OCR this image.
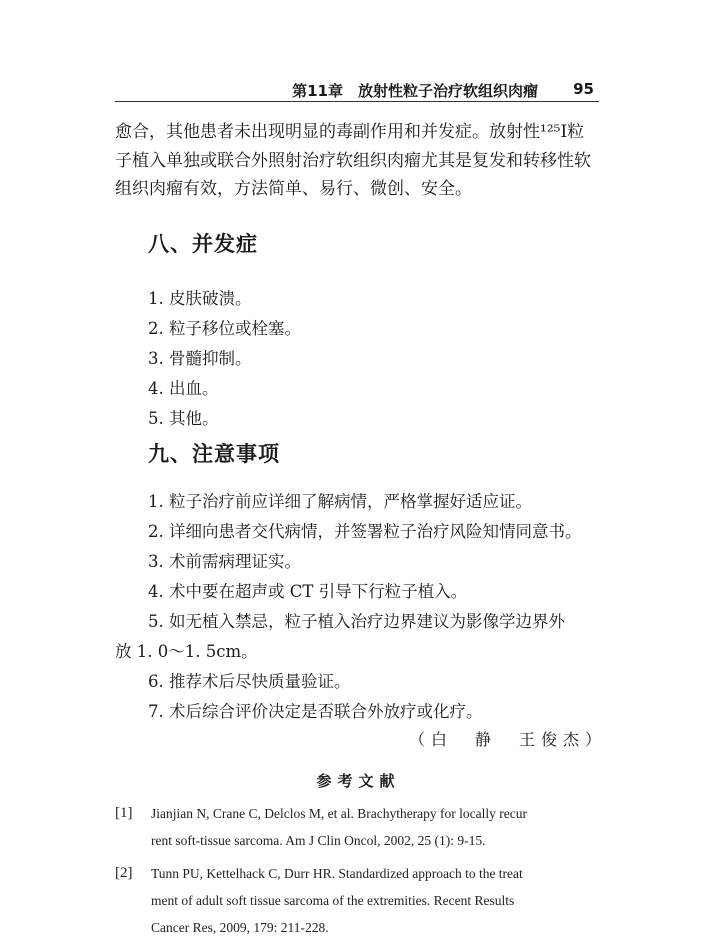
第11章　放射性粒子治疗软组织肉瘤 95
愈合，其他患者未出现明显的毒副作用和并发症。放射性¹²⁵I粒
子植入单独或联合外照射治疗软组织肉瘤尤其是复发和转移性软
组织肉瘤有效，方法简单、易行、微创、安全。
八、并发症
1. 皮肤破溃。
2. 粒子移位或栓塞。
3. 骨髓抑制。
4. 出血。
5. 其他。
九、注意事项
1. 粒子治疗前应详细了解病情，严格掌握好适应证。
2. 详细向患者交代病情，并签署粒子治疗风险知情同意书。
3. 术前需病理证实。
4. 术中要在超声或 CT 引导下行粒子植入。
5. 如无植入禁忌，粒子植入治疗边界建议为影像学边界外
放 1. 0～1. 5cm。
6. 推荐术后尽快质量验证。
7. 术后综合评价决定是否联合外放疗或化疗。
（白　静　王俊杰）
参考文献
[1]	Jianjian N, Crane C, Delclos M, et al. Brachytherapy for locally recur
rent soft-tissue sarcoma. Am J Clin Oncol, 2002, 25 (1): 9-15.
[2]	Tunn PU, Kettelhack C, Durr HR. Standardized approach to the treat
ment of adult soft tissue sarcoma of the extremities. Recent Results
Cancer Res, 2009, 179: 211-228.
